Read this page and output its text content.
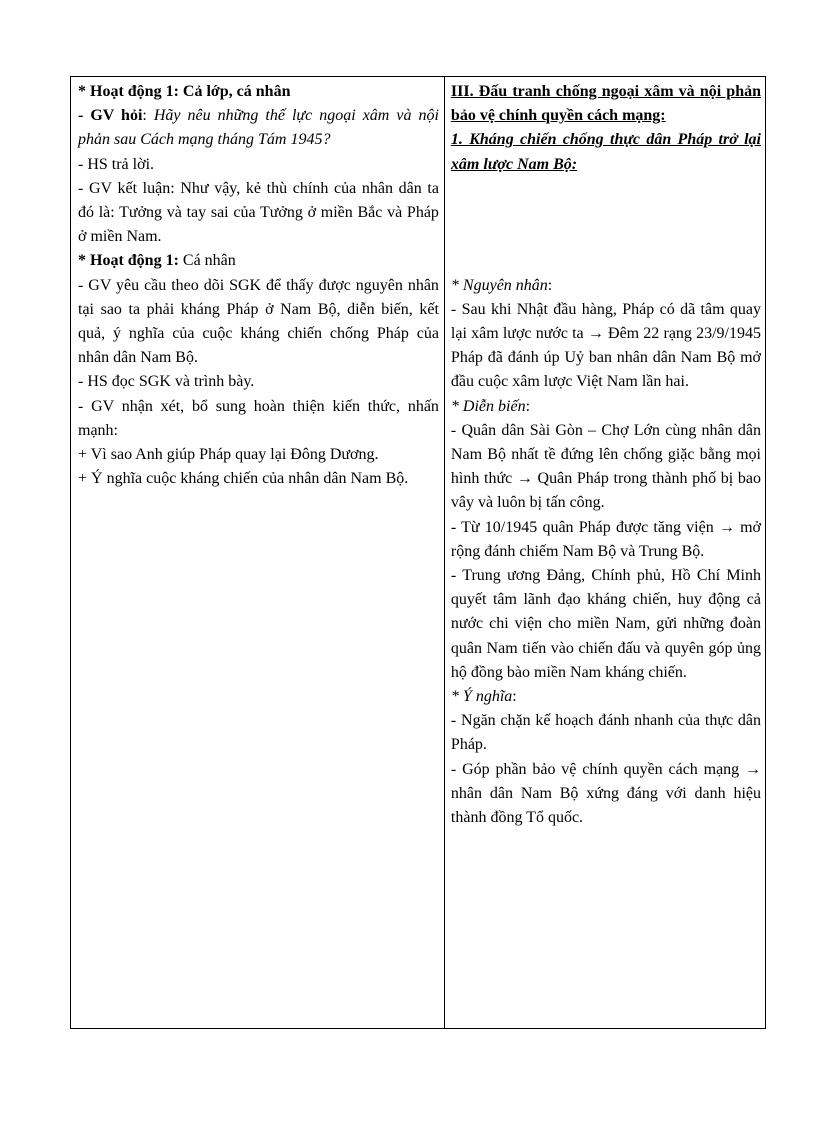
* Hoạt động 1: Cả lớp, cá nhân
- GV hỏi: Hãy nêu những thế lực ngoại xâm và nội phản sau Cách mạng tháng Tám 1945?
- HS trả lời.
- GV kết luận: Như vậy, kẻ thù chính của nhân dân ta đó là: Tưởng và tay sai của Tưởng ở miền Bắc và Pháp ở miền Nam.
* Hoạt động 1: Cá nhân
- GV yêu cầu theo dõi SGK để thấy được nguyên nhân tại sao ta phải kháng Pháp ở Nam Bộ, diễn biến, kết quả, ý nghĩa của cuộc kháng chiến chống Pháp của nhân dân Nam Bộ.
- HS đọc SGK và trình bày.
- GV nhận xét, bổ sung hoàn thiện kiến thức, nhấn mạnh:
+ Vì sao Anh giúp Pháp quay lại Đông Dương.
+ Ý nghĩa cuộc kháng chiến của nhân dân Nam Bộ.
III. Đấu tranh chống ngoại xâm và nội phản bảo vệ chính quyền cách mạng:
1. Kháng chiến chống thực dân Pháp trở lại xâm lược Nam Bộ:
* Nguyên nhân:
- Sau khi Nhật đầu hàng, Pháp có dã tâm quay lại xâm lược nước ta → Đêm 22 rạng 23/9/1945 Pháp đã đánh úp Uỷ ban nhân dân Nam Bộ mở đầu cuộc xâm lược Việt Nam lần hai.
* Diễn biến:
- Quân dân Sài Gòn – Chợ Lớn cùng nhân dân Nam Bộ nhất tề đứng lên chống giặc bằng mọi hình thức → Quân Pháp trong thành phố bị bao vây và luôn bị tấn công.
- Từ 10/1945 quân Pháp được tăng viện → mở rộng đánh chiếm Nam Bộ và Trung Bộ.
- Trung ương Đảng, Chính phủ, Hồ Chí Minh quyết tâm lãnh đạo kháng chiến, huy động cả nước chi viện cho miền Nam, gửi những đoàn quân Nam tiến vào chiến đấu và quyên góp ủng hộ đồng bào miền Nam kháng chiến.
* Ý nghĩa:
- Ngăn chặn kế hoạch đánh nhanh của thực dân Pháp.
- Góp phần bảo vệ chính quyền cách mạng → nhân dân Nam Bộ xứng đáng với danh hiệu thành đồng Tổ quốc.
